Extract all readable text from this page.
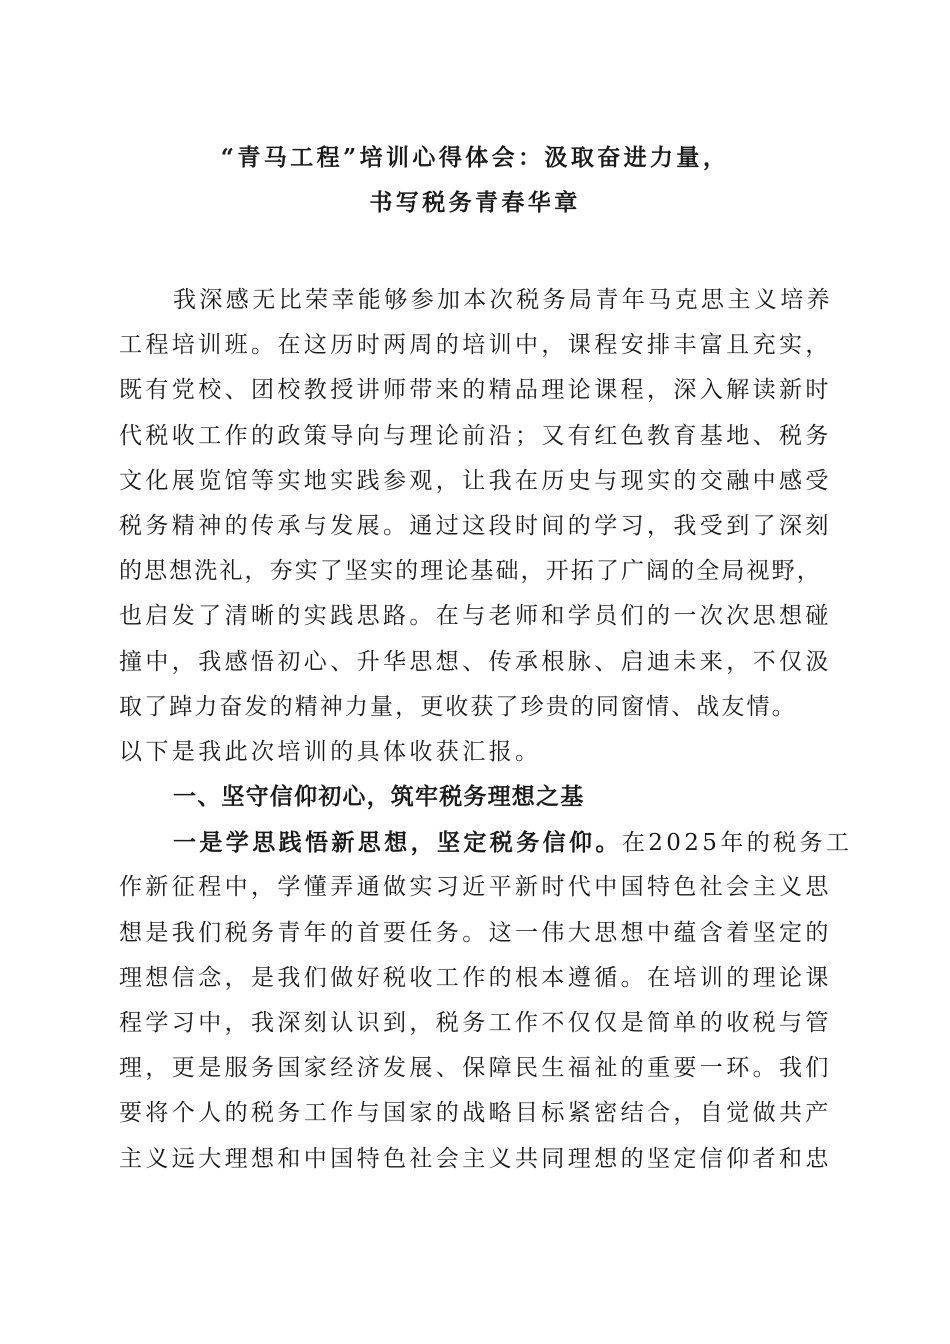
“青马工程”培训心得体会：汲取奋进力量，
书写税务青春华章
我深感无比荣幸能够参加本次税务局青年马克思主义培养
工程培训班。在这历时两周的培训中，课程安排丰富且充实，
既有党校、团校教授讲师带来的精品理论课程，深入解读新时
代税收工作的政策导向与理论前沿；又有红色教育基地、税务
文化展览馆等实地实践参观，让我在历史与现实的交融中感受
税务精神的传承与发展。通过这段时间的学习，我受到了深刻
的思想洗礼，夯实了坚实的理论基础，开拓了广阔的全局视野，
也启发了清晰的实践思路。在与老师和学员们的一次次思想碰
撞中，我感悟初心、升华思想、传承根脉、启迪未来，不仅汲
取了踔力奋发的精神力量，更收获了珍贵的同窗情、战友情。
以下是我此次培训的具体收获汇报。
一、坚守信仰初心，筑牢税务理想之基
一是学思践悟新思想，坚定税务信仰。在2025年的税务工
作新征程中，学懂弄通做实习近平新时代中国特色社会主义思
想是我们税务青年的首要任务。这一伟大思想中蕴含着坚定的
理想信念，是我们做好税收工作的根本遵循。在培训的理论课
程学习中，我深刻认识到，税务工作不仅仅是简单的收税与管
理，更是服务国家经济发展、保障民生福祉的重要一环。我们
要将个人的税务工作与国家的战略目标紧密结合，自觉做共产
主义远大理想和中国特色社会主义共同理想的坚定信仰者和忠
